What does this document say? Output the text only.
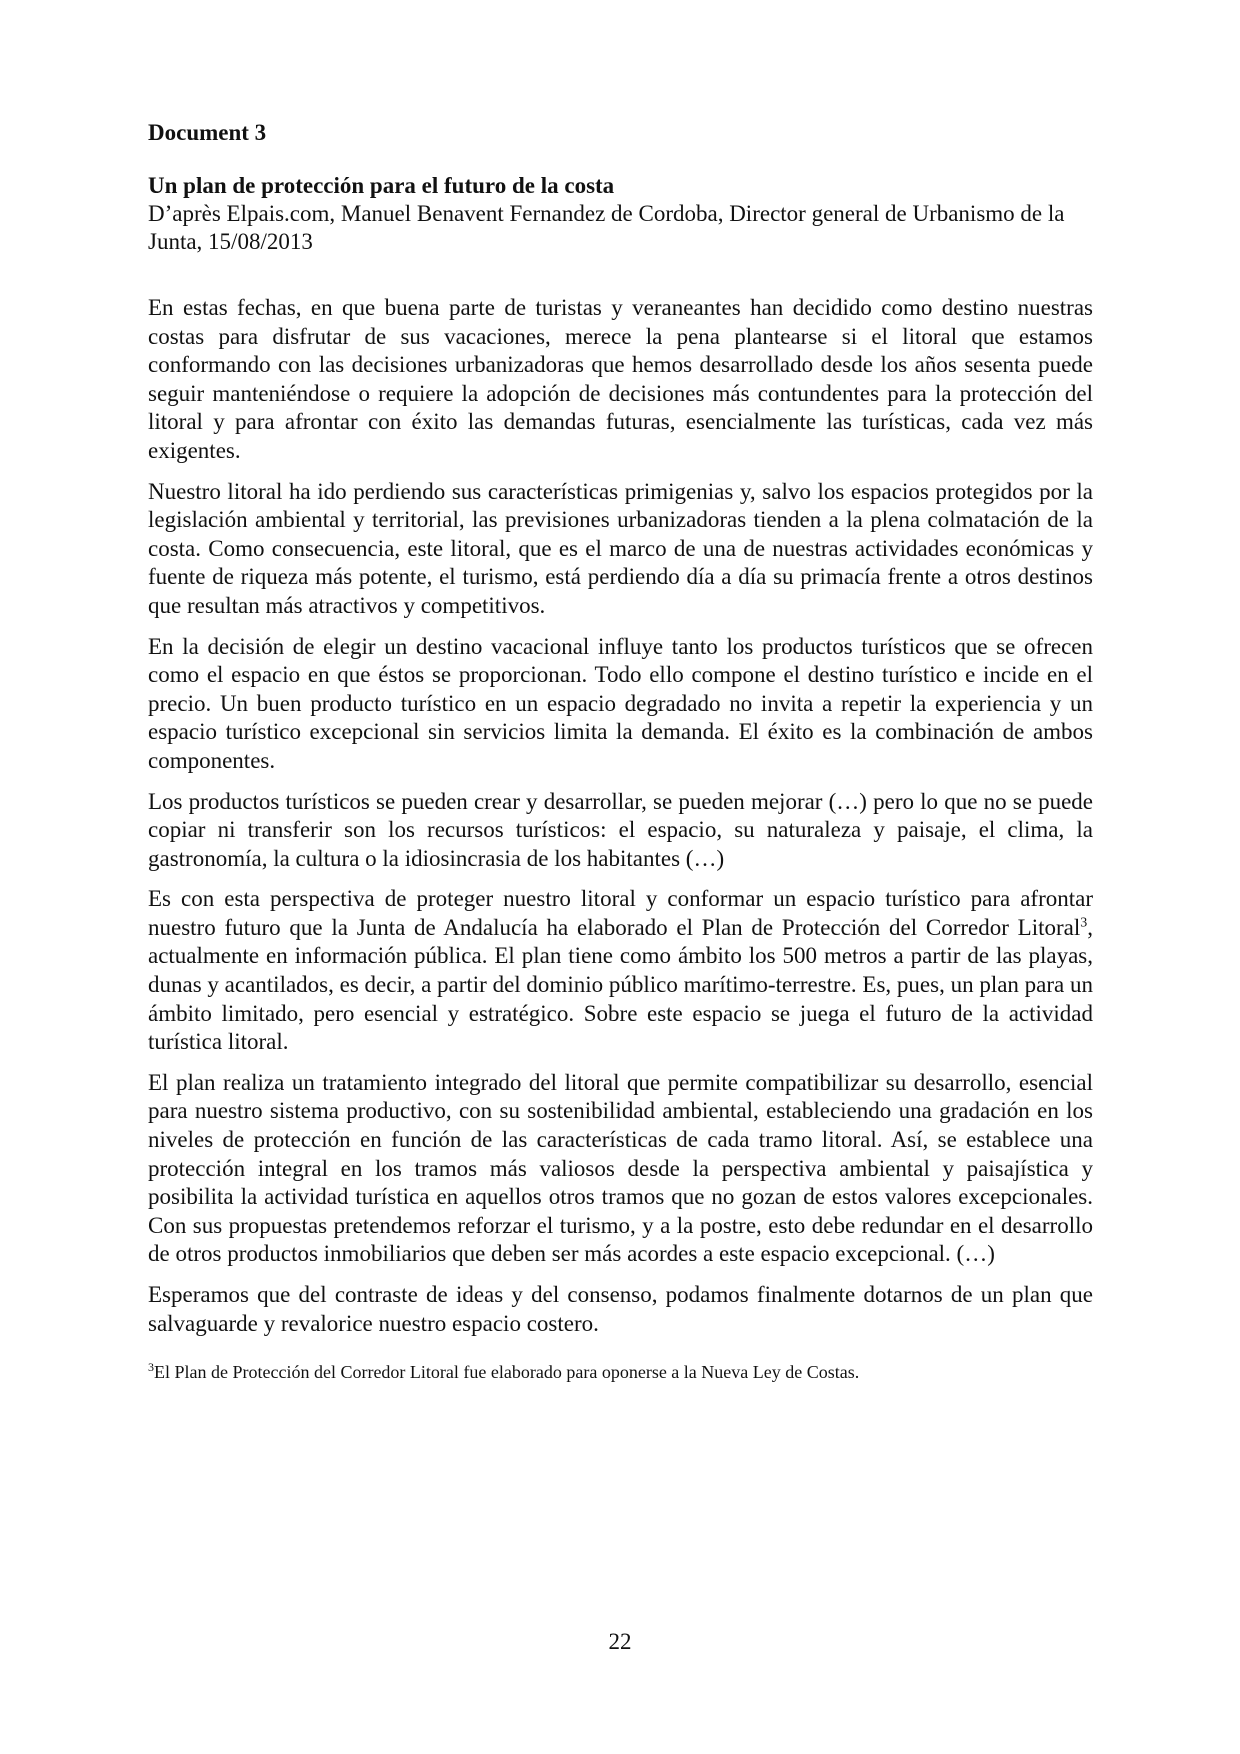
Document 3
Un plan de protección para el futuro de la costa
D’après Elpais.com, Manuel Benavent Fernandez de Cordoba, Director general de Urbanismo de la Junta, 15/08/2013

En estas fechas, en que buena parte de turistas y veraneantes han decidido como destino nuestras costas para disfrutar de sus vacaciones, merece la pena plantearse si el litoral que estamos conformando con las decisiones urbanizadoras que hemos desarrollado desde los años sesenta puede seguir manteniéndose o requiere la adopción de decisiones más contundentes para la protección del litoral y para afrontar con éxito las demandas futuras, esencialmente las turísticas, cada vez más exigentes.

Nuestro litoral ha ido perdiendo sus características primigenias y, salvo los espacios protegidos por la legislación ambiental y territorial, las previsiones urbanizadoras tienden a la plena colmatación de la costa. Como consecuencia, este litoral, que es el marco de una de nuestras actividades económicas y fuente de riqueza más potente, el turismo, está perdiendo día a día su primacía frente a otros destinos que resultan más atractivos y competitivos.

En la decisión de elegir un destino vacacional influye tanto los productos turísticos que se ofrecen como el espacio en que éstos se proporcionan. Todo ello compone el destino turístico e incide en el precio. Un buen producto turístico en un espacio degradado no invita a repetir la experiencia y un espacio turístico excepcional sin servicios limita la demanda. El éxito es la combinación de ambos componentes.

Los productos turísticos se pueden crear y desarrollar, se pueden mejorar (…) pero lo que no se puede copiar ni transferir son los recursos turísticos: el espacio, su naturaleza y paisaje, el clima, la gastronomía, la cultura o la idiosincrasia de los habitantes (…)

Es con esta perspectiva de proteger nuestro litoral y conformar un espacio turístico para afrontar nuestro futuro que la Junta de Andalucía ha elaborado el Plan de Protección del Corredor Litoral$^3$, actualmente en información pública. El plan tiene como ámbito los 500 metros a partir de las playas, dunas y acantilados, es decir, a partir del dominio público marítimo-terrestre. Es, pues, un plan para un ámbito limitado, pero esencial y estratégico. Sobre este espacio se juega el futuro de la actividad turística litoral.

El plan realiza un tratamiento integrado del litoral que permite compatibilizar su desarrollo, esencial para nuestro sistema productivo, con su sostenibilidad ambiental, estableciendo una gradación en los niveles de protección en función de las características de cada tramo litoral. Así, se establece una protección integral en los tramos más valiosos desde la perspectiva ambiental y paisajística y posibilita la actividad turística en aquellos otros tramos que no gozan de estos valores excepcionales. Con sus propuestas pretendemos reforzar el turismo, y a la postre, esto debe redundar en el desarrollo de otros productos inmobiliarios que deben ser más acordes a este espacio excepcional. (…)

Esperamos que del contraste de ideas y del consenso, podamos finalmente dotarnos de un plan que salvaguarde y revalorice nuestro espacio costero.

$^3$El Plan de Protección del Corredor Litoral fue elaborado para oponerse a la Nueva Ley de Costas.
22
